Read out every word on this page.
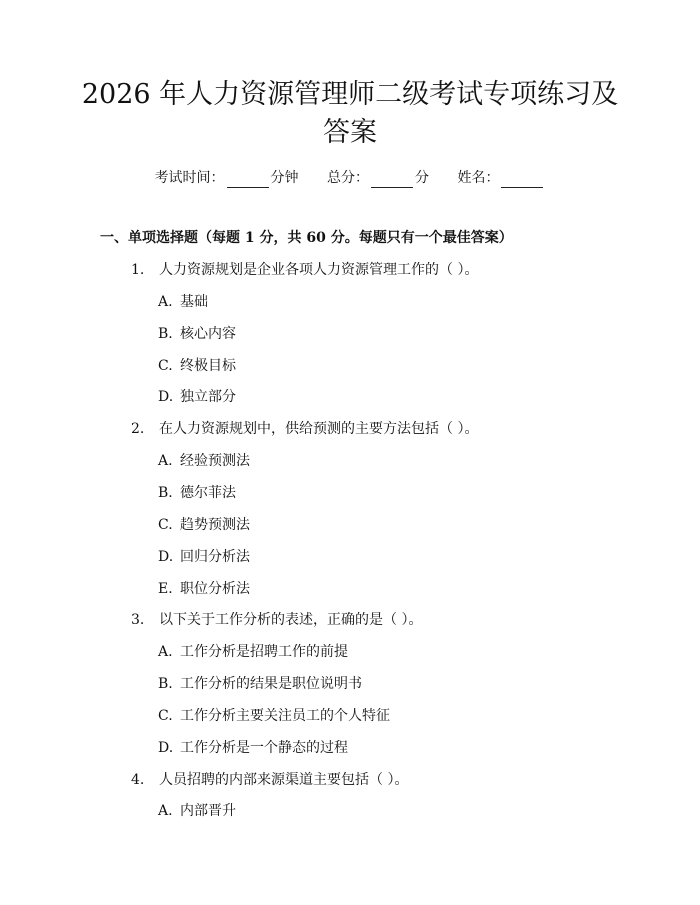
2026 年人力资源管理师二级考试专项练习及
答案
考试时间：	分钟 总分：	分 姓名：
一、单项选择题（每题 1 分，共 60 分。每题只有一个最佳答案）
1. 人力资源规划是企业各项人力资源管理工作的（ ）。
A. 基础
B. 核心内容
C. 终极目标
D. 独立部分
2. 在人力资源规划中，供给预测的主要方法包括（ ）。
A. 经验预测法
B. 德尔菲法
C. 趋势预测法
D. 回归分析法
E. 职位分析法
3. 以下关于工作分析的表述，正确的是（ ）。
A. 工作分析是招聘工作的前提
B. 工作分析的结果是职位说明书
C. 工作分析主要关注员工的个人特征
D. 工作分析是一个静态的过程
4. 人员招聘的内部来源渠道主要包括（ ）。
A. 内部晋升
